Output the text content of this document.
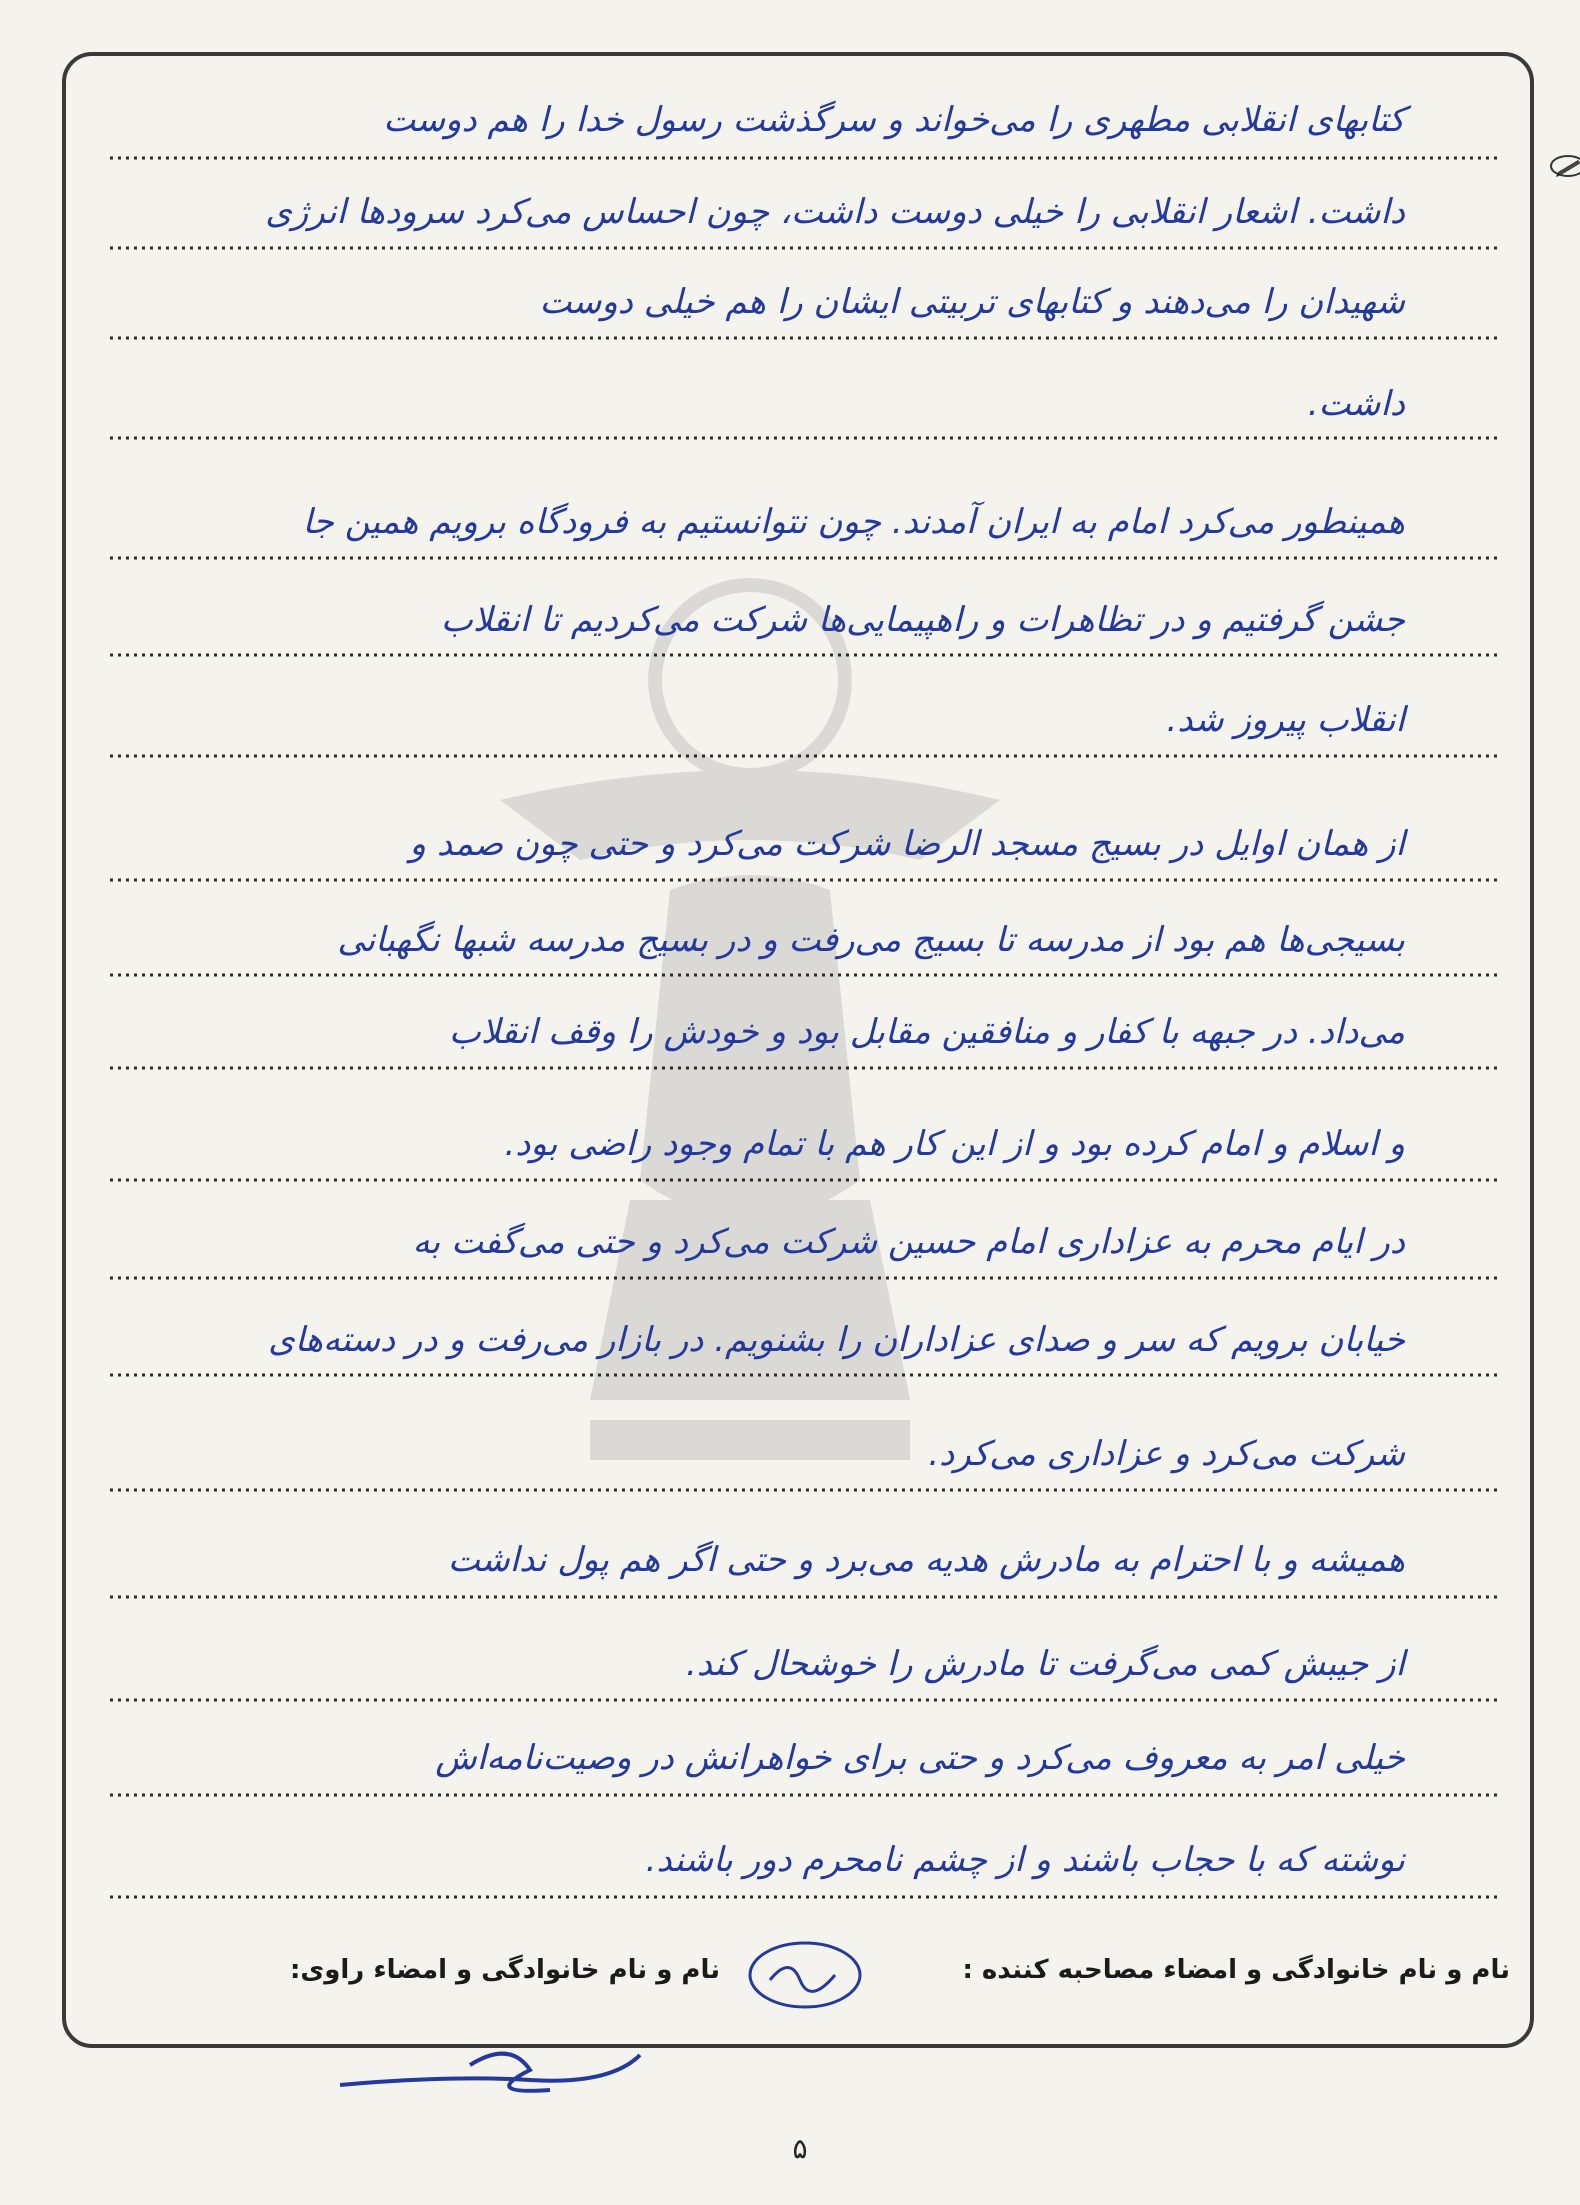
کتابهای انقلابی مطهری را می‌خواند و سرگذشت رسول خدا را هم دوست
داشت. اشعار انقلابی را خیلی دوست داشت، چون احساس می‌کرد سرودها انرژی
شهیدان را می‌دهند و کتابهای تربیتی ایشان را هم خیلی دوست
داشت.
همینطور می‌کرد امام به ایران آمدند. چون نتوانستیم به فرودگاه برویم همین جا
جشن گرفتیم و در تظاهرات و راهپیمایی‌ها شرکت می‌کردیم تا انقلاب
انقلاب پیروز شد.
از همان اوایل در بسیج مسجد الرضا شرکت می‌کرد و حتی چون صمد و
بسیجی‌ها هم بود از مدرسه تا بسیج می‌رفت و در بسیج مدرسه شبها نگهبانی
می‌داد. در جبهه با کفار و منافقین مقابل بود و خودش را وقف انقلاب
و اسلام و امام کرده بود و از این کار هم با تمام وجود راضی بود.
در ایام محرم به عزاداری امام حسین شرکت می‌کرد و حتی می‌گفت به
خیابان برویم که سر و صدای عزاداران را بشنویم. در بازار می‌رفت و در دسته‌های
شرکت می‌کرد و عزاداری می‌کرد.
همیشه و با احترام به مادرش هدیه می‌برد و حتی اگر هم پول نداشت
از جیبش کمی می‌گرفت تا مادرش را خوشحال کند.
خیلی امر به معروف می‌کرد و حتی برای خواهرانش در وصیت‌نامه‌اش
نوشته که با حجاب باشند و از چشم نامحرم دور باشند.
نام و نام خانوادگی و امضاء مصاحبه کننده :
نام و نام خانوادگی و امضاء راوی:
۵
